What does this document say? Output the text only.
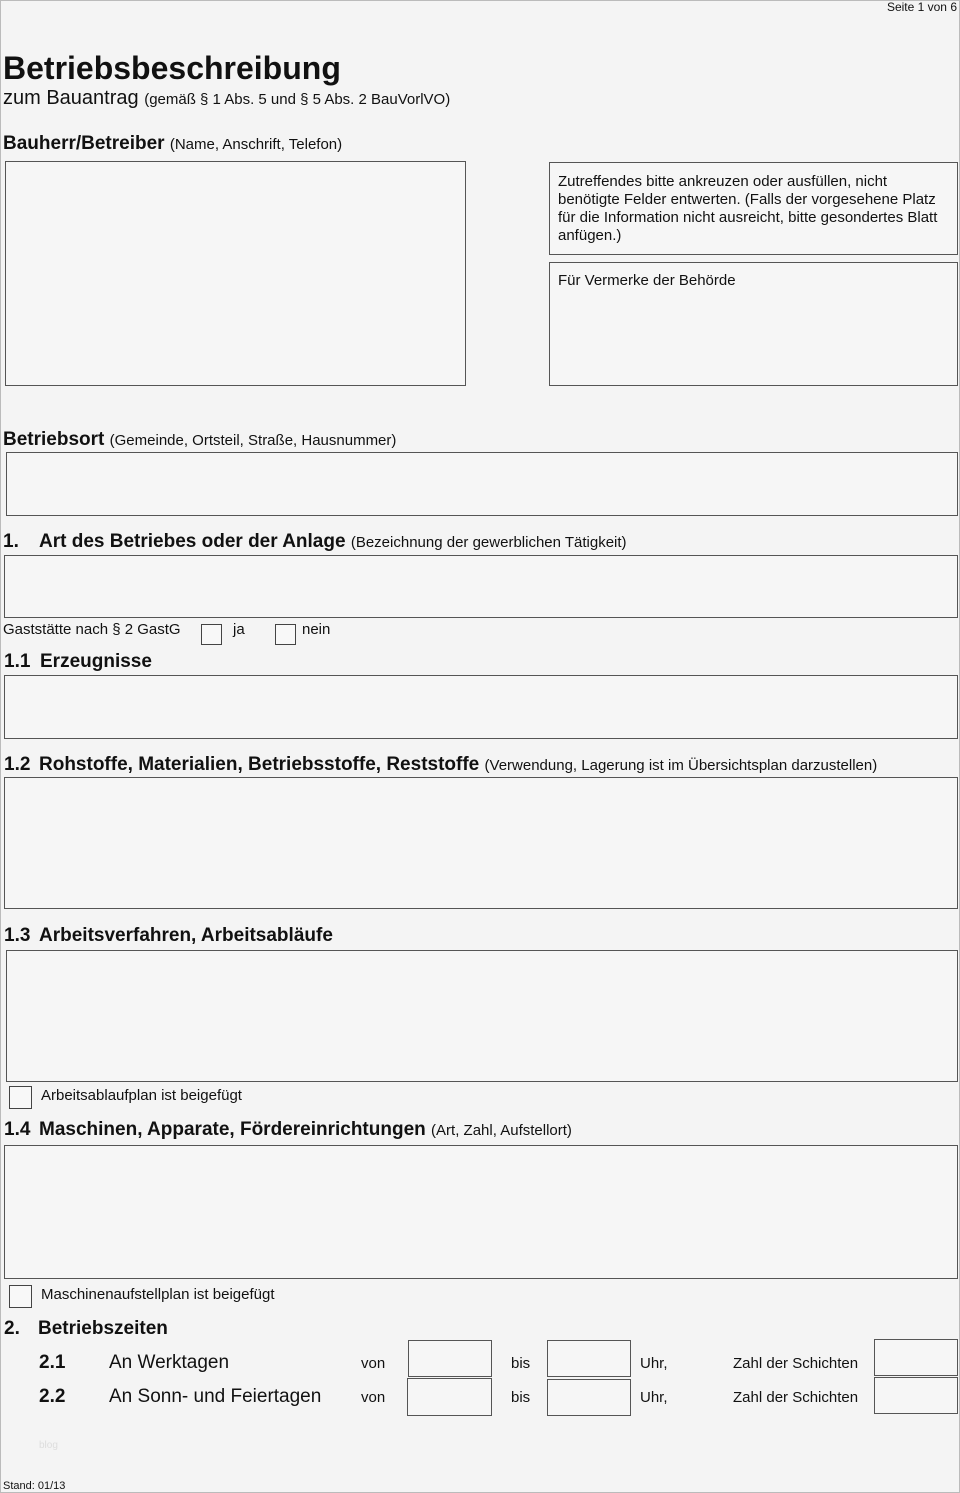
Seite 1 von 6
Betriebsbeschreibung
zum Bauantrag (gemäß § 1 Abs. 5 und § 5 Abs. 2 BauVorlVO)
Bauherr/Betreiber (Name, Anschrift, Telefon)
Zutreffendes bitte ankreuzen oder ausfüllen, nicht benötigte Felder entwerten. (Falls der vorgesehene Platz für die Information nicht ausreicht, bitte gesondertes Blatt anfügen.)
Für Vermerke der Behörde
Betriebsort (Gemeinde, Ortsteil, Straße, Hausnummer)
1. Art des Betriebes oder der Anlage (Bezeichnung der gewerblichen Tätigkeit)
Gaststätte nach § 2 GastG	ja	nein
1.1 Erzeugnisse
1.2 Rohstoffe, Materialien, Betriebsstoffe, Reststoffe (Verwendung, Lagerung ist im Übersichtsplan darzustellen)
1.3 Arbeitsverfahren, Arbeitsabläufe
Arbeitsablaufplan ist beigefügt
1.4 Maschinen, Apparate, Fördereinrichtungen (Art, Zahl, Aufstellort)
Maschinenaufstellplan ist beigefügt
2. Betriebszeiten
2.1 An Werktagen	von	bis	Uhr,	Zahl der Schichten
2.2 An Sonn- und Feiertagen	von	bis	Uhr,	Zahl der Schichten
blog
Stand: 01/13
